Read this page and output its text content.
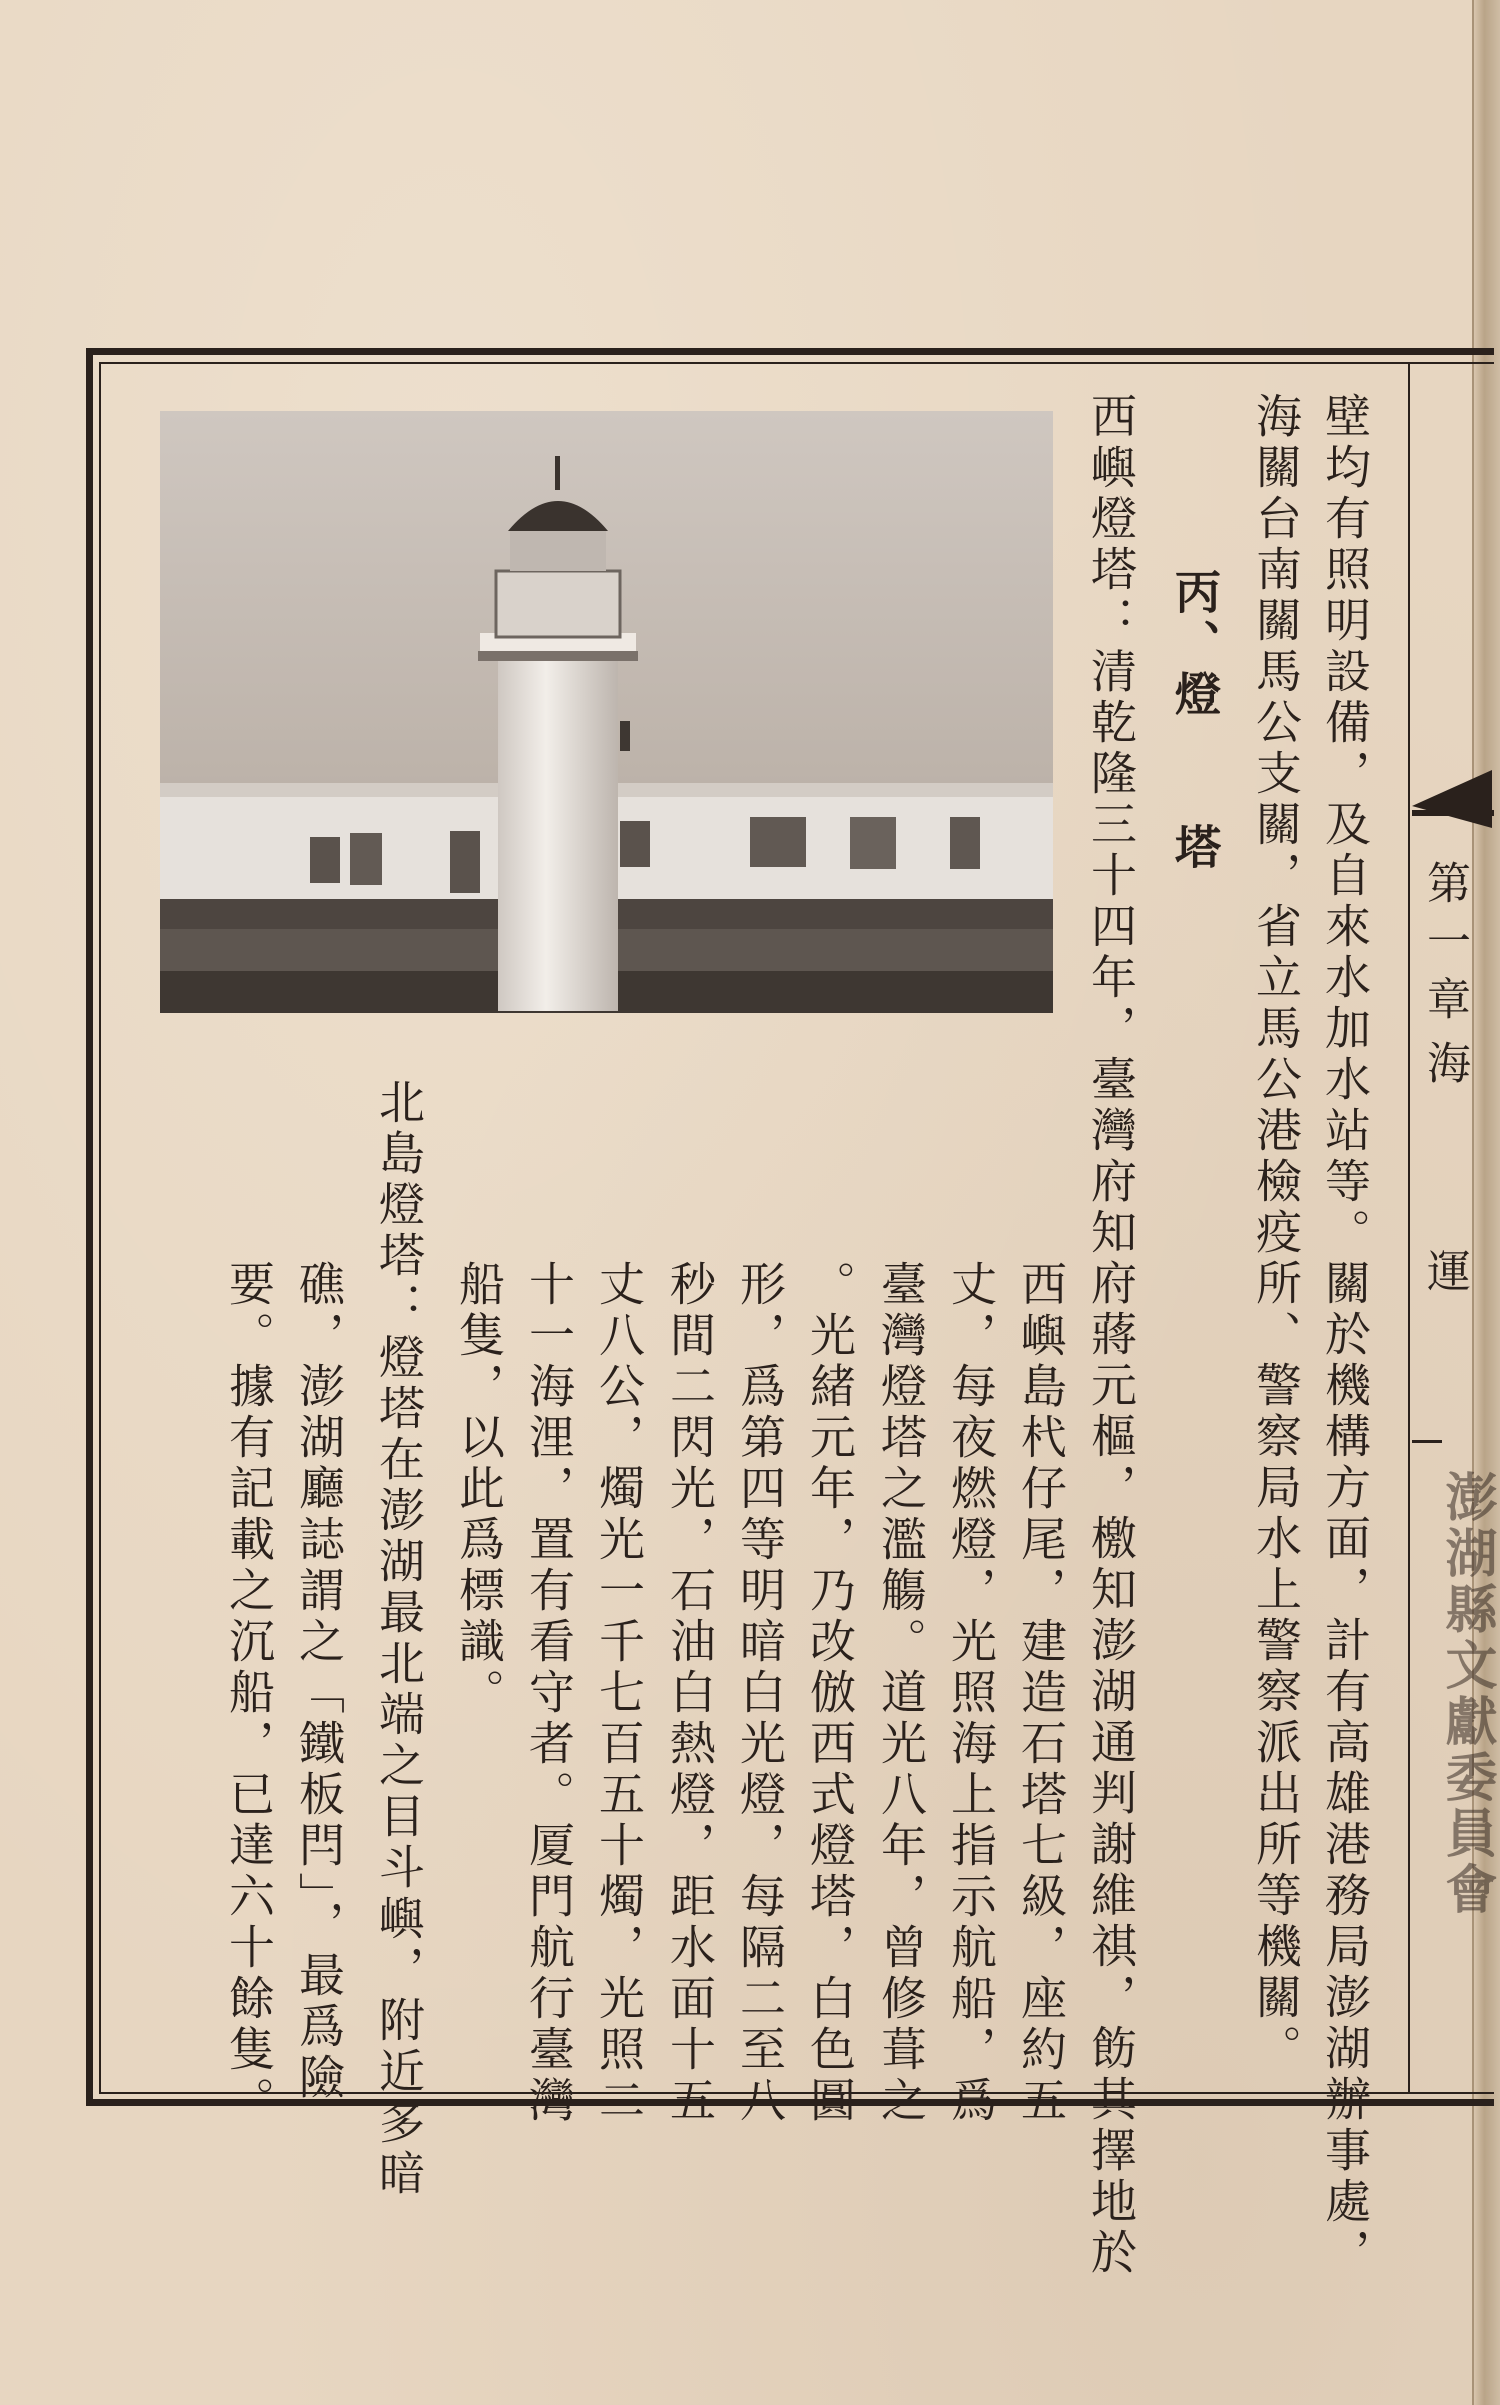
第一章
海　運
澎湖縣文獻委員會
壁均有照明設備，及自來水加水站等。關於機構方面，計有高雄港務局澎湖辦事處，
海關台南關馬公支關，省立馬公港檢疫所、警察局水上警察派出所等機關。
丙、燈　　塔
西嶼燈塔：清乾隆三十四年，臺灣府知府蔣元樞，檄知澎湖通判謝維祺，飭其擇地於
西嶼島杙仔尾，建造石塔七級，座約五
丈，每夜燃燈，光照海上指示航船，爲
臺灣燈塔之濫觴。道光八年，曾修葺之
。光緒元年，乃改倣西式燈塔，白色圓
形，爲第四等明暗白光燈，每隔二至八
秒間二閃光，石油白熱燈，距水面十五
丈八公，燭光一千七百五十燭，光照二
十一海浬，置有看守者。厦門航行臺灣
船隻，以此爲標識。
北島燈塔：燈塔在澎湖最北端之目斗嶼，附近多暗
礁，澎湖廳誌謂之「鐵板閂」，最爲險
要。據有記載之沉船，已達六十餘隻。
